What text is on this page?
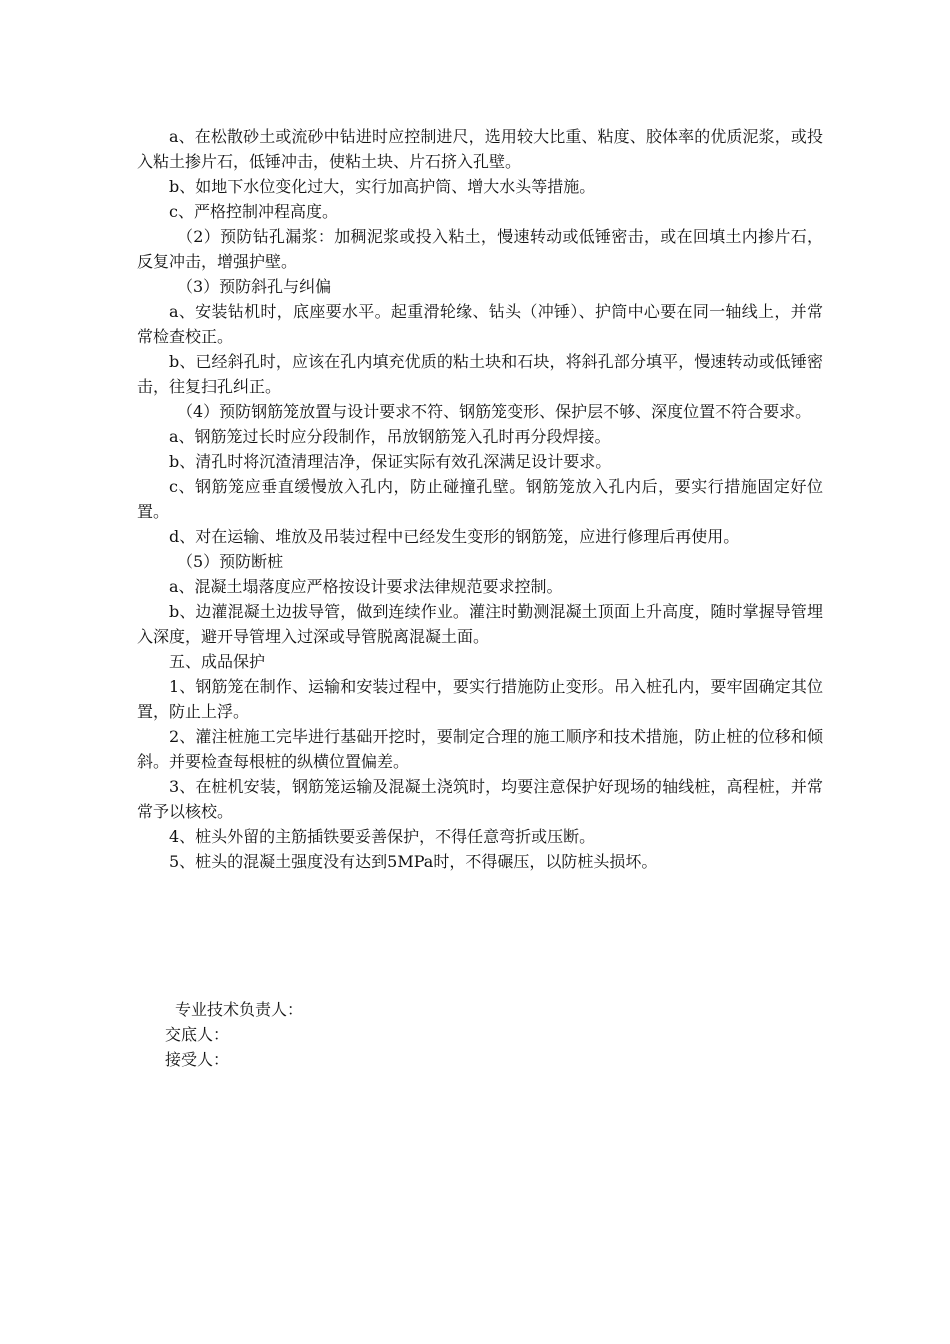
a、在松散砂土或流砂中钻进时应控制进尺，选用较大比重、粘度、胶体率的优质泥浆，或投入粘土掺片石，低锤冲击，使粘土块、片石挤入孔壁。

b、如地下水位变化过大，实行加高护筒、增大水头等措施。

c、严格控制冲程高度。

（2）预防钻孔漏浆：加稠泥浆或投入粘土，慢速转动或低锤密击，或在回填土内掺片石，反复冲击，增强护壁。

（3）预防斜孔与纠偏

a、安装钻机时，底座要水平。起重滑轮缘、钻头（冲锤）、护筒中心要在同一轴线上，并常常检查校正。

b、已经斜孔时，应该在孔内填充优质的粘土块和石块，将斜孔部分填平，慢速转动或低锤密击，往复扫孔纠正。

（4）预防钢筋笼放置与设计要求不符、钢筋笼变形、保护层不够、深度位置不符合要求。

a、钢筋笼过长时应分段制作，吊放钢筋笼入孔时再分段焊接。

b、清孔时将沉渣清理洁净，保证实际有效孔深满足设计要求。

c、钢筋笼应垂直缓慢放入孔内，防止碰撞孔壁。钢筋笼放入孔内后，要实行措施固定好位置。

d、对在运输、堆放及吊装过程中已经发生变形的钢筋笼，应进行修理后再使用。

（5）预防断桩

a、混凝土塌落度应严格按设计要求法律规范要求控制。

b、边灌混凝土边拔导管，做到连续作业。灌注时勤测混凝土顶面上升高度，随时掌握导管埋入深度，避开导管埋入过深或导管脱离混凝土面。

五、成品保护

1、钢筋笼在制作、运输和安装过程中，要实行措施防止变形。吊入桩孔内，要牢固确定其位置，防止上浮。

2、灌注桩施工完毕进行基础开挖时，要制定合理的施工顺序和技术措施，防止桩的位移和倾斜。并要检查每根桩的纵横位置偏差。

3、在桩机安装，钢筋笼运输及混凝土浇筑时，均要注意保护好现场的轴线桩，高程桩，并常常予以核校。

4、桩头外留的主筋插铁要妥善保护，不得任意弯折或压断。

5、桩头的混凝土强度没有达到5MPa时，不得碾压，以防桩头损坏。

专业技术负责人：

交底人：

接受人：
